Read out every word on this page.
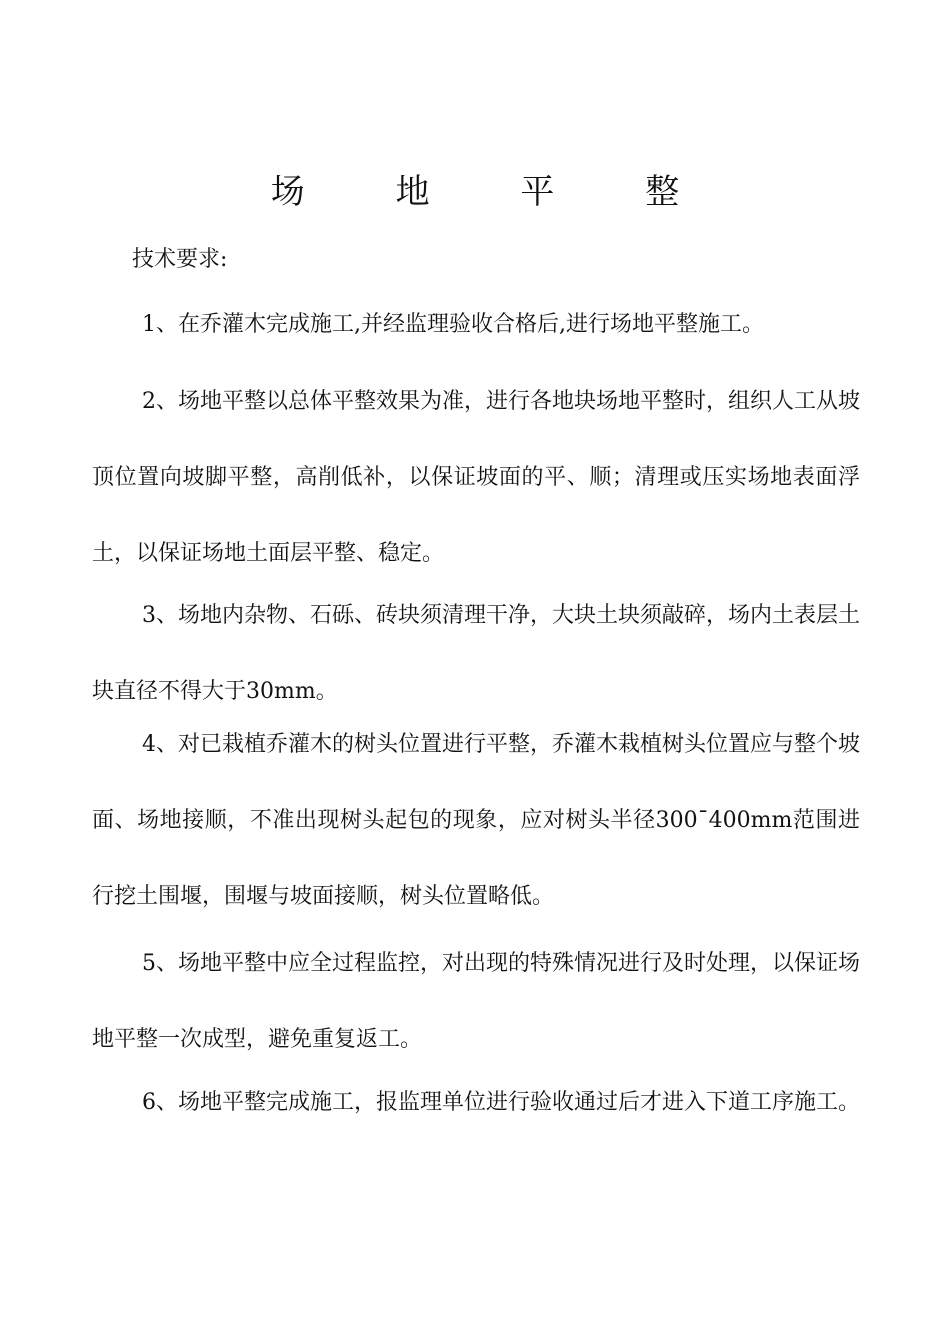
场 地 平 整
技术要求:
1、在乔灌木完成施工,并经监理验收合格后,进行场地平整施工。
2、场地平整以总体平整效果为准，进行各地块场地平整时，组织人工从坡顶位置向坡脚平整，高削低补，以保证坡面的平、顺；清理或压实场地表面浮土，以保证场地土面层平整、稳定。
3、场地内杂物、石砾、砖块须清理干净，大块土块须敲碎，场内土表层土块直径不得大于30mm。
4、对已栽植乔灌木的树头位置进行平整，乔灌木栽植树头位置应与整个坡面、场地接顺，不准出现树头起包的现象，应对树头半径300¯400mm范围进行挖土围堰，围堰与坡面接顺，树头位置略低。
5、场地平整中应全过程监控，对出现的特殊情况进行及时处理，以保证场地平整一次成型，避免重复返工。
6、场地平整完成施工，报监理单位进行验收通过后才进入下道工序施工。
